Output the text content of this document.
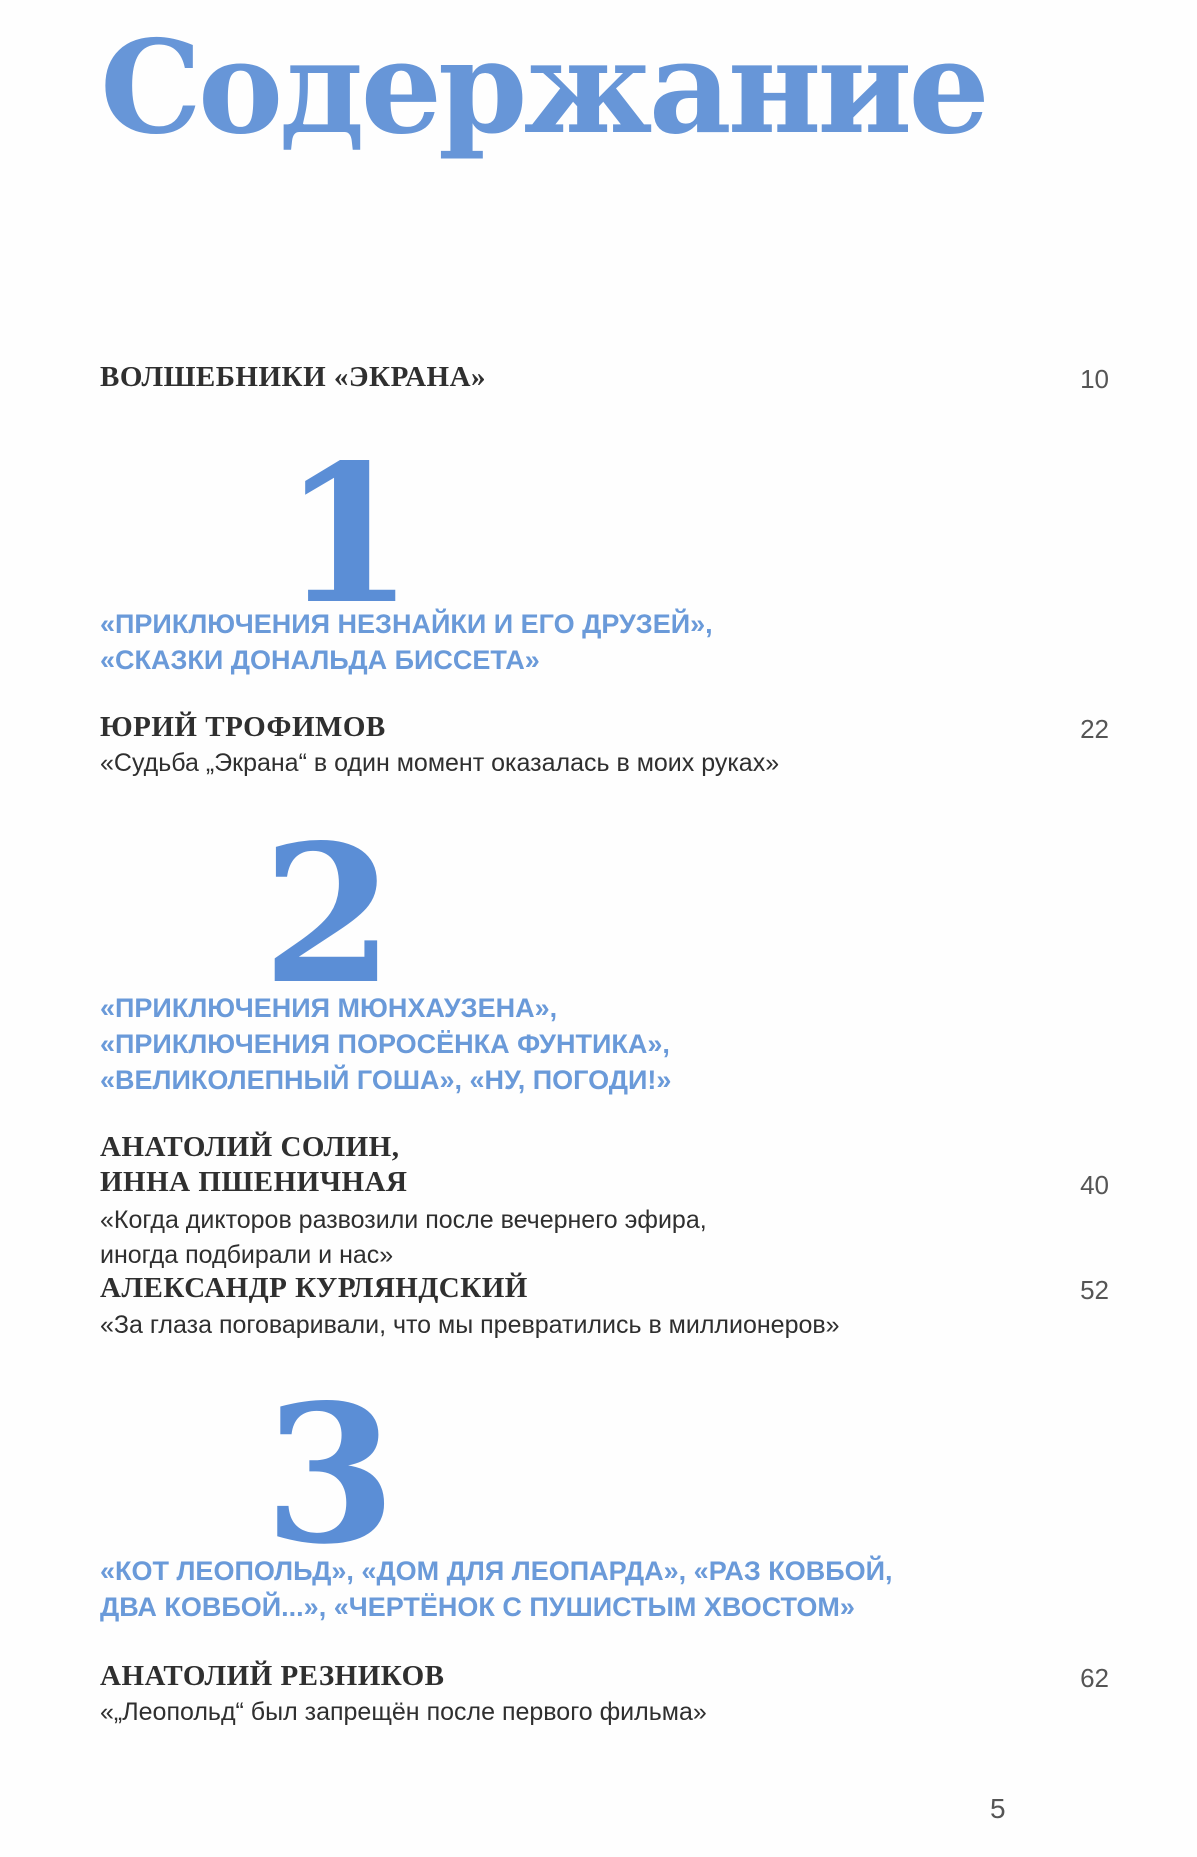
Содержание
ВОЛШЕБНИКИ «ЭКРАНА»	10
1
«ПРИКЛЮЧЕНИЯ НЕЗНАЙКИ И ЕГО ДРУЗЕЙ»,
«СКАЗКИ ДОНАЛЬДА БИССЕТА»
ЮРИЙ ТРОФИМОВ	22
«Судьба „Экрана“ в один момент оказалась в моих руках»
2
«ПРИКЛЮЧЕНИЯ МЮНХАУЗЕНА»,
«ПРИКЛЮЧЕНИЯ ПОРОСЁНКА ФУНТИКА»,
«ВЕЛИКОЛЕПНЫЙ ГОША», «НУ, ПОГОДИ!»
АНАТОЛИЙ СОЛИН,
ИННА ПШЕНИЧНАЯ	40
«Когда дикторов развозили после вечернего эфира,
иногда подбирали и нас»
АЛЕКСАНДР КУРЛЯНДСКИЙ	52
«За глаза поговаривали, что мы превратились в миллионеров»
3
«КОТ ЛЕОПОЛЬД», «ДОМ ДЛЯ ЛЕОПАРДА», «РАЗ КОВБОЙ,
ДВА КОВБОЙ...», «ЧЕРТЁНОК С ПУШИСТЫМ ХВОСТОМ»
АНАТОЛИЙ РЕЗНИКОВ	62
«„Леопольд“ был запрещён после первого фильма»
5
